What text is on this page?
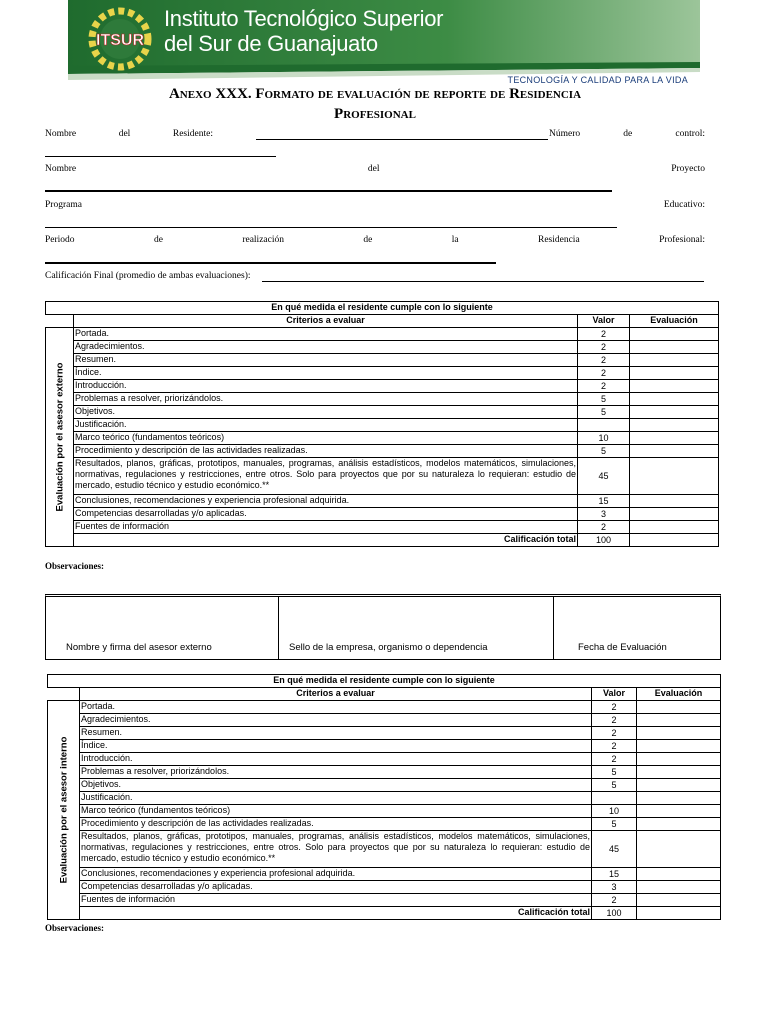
ITSUR
Instituto Tecnológico Superior
del Sur de Guanajuato
TECNOLOGÍA Y CALIDAD PARA LA VIDA
Anexo XXX. Formato de evaluación de reporte de Residencia
Profesional
Nombre	del	Residente:	Número	de	control:
Nombre	del	Proyecto
Programa	Educativo:
Periodo	de	realización	de	la	Residencia	Profesional:
Calificación Final (promedio de ambas evaluaciones):
En qué medida el residente cumple con lo siguiente			
	Criterios a evaluar	Valor	Evaluación

Evaluación por el asesor externo	Portada.	2	
	Agradecimientos.	2	
	Resumen.	2	
	Índice.	2	
	Introducción.	2	
	Problemas a resolver, priorizándolos.	5	
	Objetivos.	5	
	Justificación.		
	Marco teórico (fundamentos teóricos)	10	
	Procedimiento y descripción de las actividades realizadas.	5	
	Resultados, planos, gráficas, prototipos, manuales, programas, análisis estadísticos, modelos matemáticos, simulaciones, normativas, regulaciones y restricciones, entre otros. Solo para proyectos que por su naturaleza lo requieran: estudio de mercado, estudio técnico y estudio económico.**	45	
	Conclusiones, recomendaciones y experiencia profesional adquirida.	15	
	Competencias desarrolladas y/o aplicadas.	3	
	Fuentes de información	2	
	Calificación total	100	
Observaciones:
Nombre y firma del asesor externo	Sello de la empresa, organismo o dependencia	Fecha de Evaluación
En qué medida el residente cumple con lo siguiente			
	Criterios a evaluar	Valor	Evaluación

Evaluación por el asesor interno	Portada.	2	
	Agradecimientos.	2	
	Resumen.	2	
	Índice.	2	
	Introducción.	2	
	Problemas a resolver, priorizándolos.	5	
	Objetivos.	5	
	Justificación.		
	Marco teórico (fundamentos teóricos)	10	
	Procedimiento y descripción de las actividades realizadas.	5	
	Resultados, planos, gráficas, prototipos, manuales, programas, análisis estadísticos, modelos matemáticos, simulaciones, normativas, regulaciones y restricciones, entre otros. Solo para proyectos que por su naturaleza lo requieran: estudio de mercado, estudio técnico y estudio económico.**	45	
	Conclusiones, recomendaciones y experiencia profesional adquirida.	15	
	Competencias desarrolladas y/o aplicadas.	3	
	Fuentes de información	2	
	Calificación total	100	
Observaciones:
